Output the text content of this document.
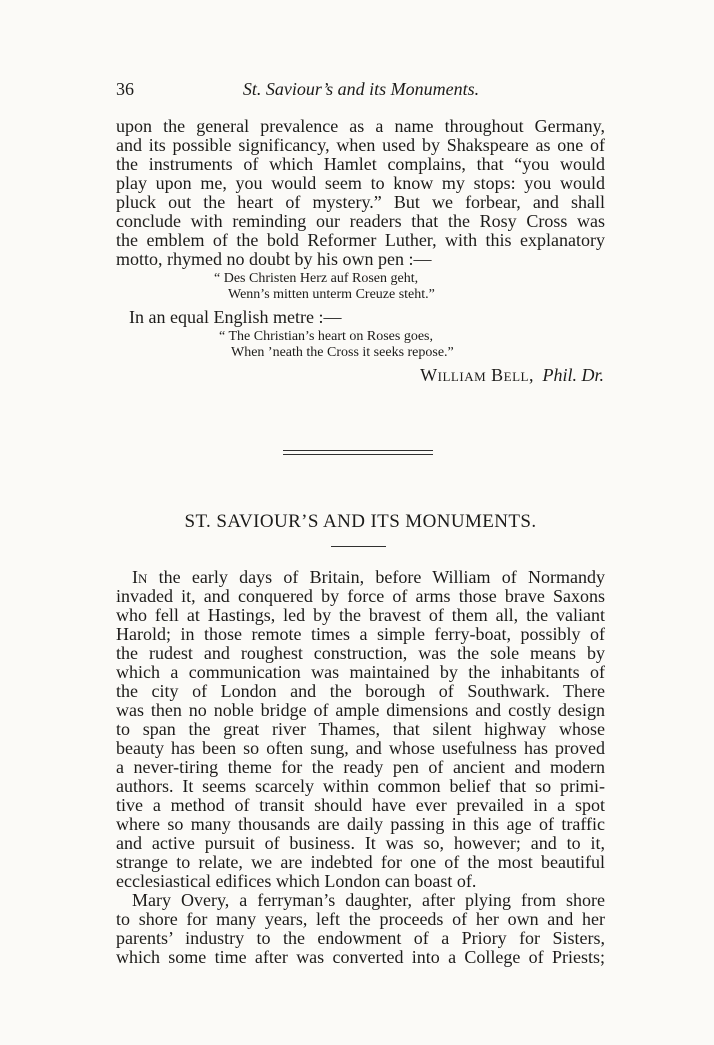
36	St. Saviour’s and its Monuments.
upon the general prevalence as a name throughout Germany,
and its possible significancy, when used by Shakspeare as one of
the instruments of which Hamlet complains, that “you would
play upon me, you would seem to know my stops: you would
pluck out the heart of mystery.” But we forbear, and shall
conclude with reminding our readers that the Rosy Cross was
the emblem of the bold Reformer Luther, with this explanatory
motto, rhymed no doubt by his own pen :—
“ Des Christen Herz auf Rosen geht,
Wenn’s mitten unterm Creuze steht.”
In an equal English metre :—
“ The Christian’s heart on Roses goes,
When ’neath the Cross it seeks repose.”
William Bell, Phil. Dr.
ST. SAVIOUR’S AND ITS MONUMENTS.
In the early days of Britain, before William of Normandy
invaded it, and conquered by force of arms those brave Saxons
who fell at Hastings, led by the bravest of them all, the valiant
Harold; in those remote times a simple ferry-boat, possibly of
the rudest and roughest construction, was the sole means by
which a communication was maintained by the inhabitants of
the city of London and the borough of Southwark. There
was then no noble bridge of ample dimensions and costly design
to span the great river Thames, that silent highway whose
beauty has been so often sung, and whose usefulness has proved
a never-tiring theme for the ready pen of ancient and modern
authors. It seems scarcely within common belief that so primi-
tive a method of transit should have ever prevailed in a spot
where so many thousands are daily passing in this age of traffic
and active pursuit of business. It was so, however; and to it,
strange to relate, we are indebted for one of the most beautiful
ecclesiastical edifices which London can boast of.
Mary Overy, a ferryman’s daughter, after plying from shore
to shore for many years, left the proceeds of her own and her
parents’ industry to the endowment of a Priory for Sisters,
which some time after was converted into a College of Priests;
